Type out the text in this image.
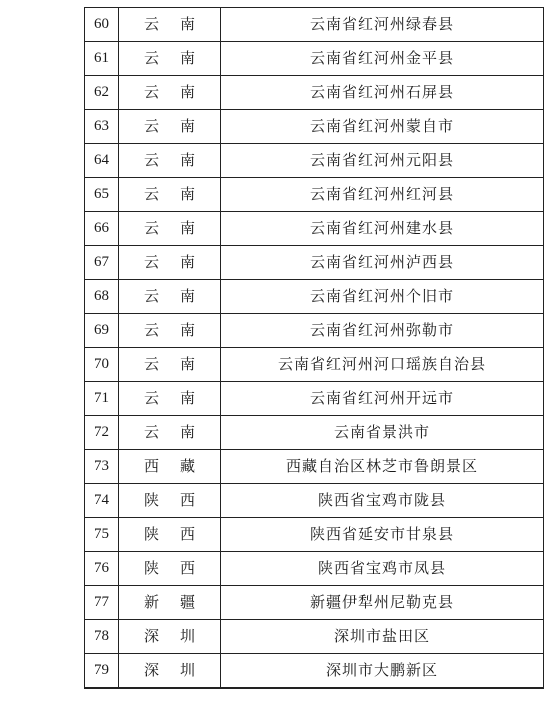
60	云南	云南省红河州绿春县
61	云南	云南省红河州金平县
62	云南	云南省红河州石屏县
63	云南	云南省红河州蒙自市
64	云南	云南省红河州元阳县
65	云南	云南省红河州红河县
66	云南	云南省红河州建水县
67	云南	云南省红河州泸西县
68	云南	云南省红河州个旧市
69	云南	云南省红河州弥勒市
70	云南	云南省红河州河口瑶族自治县
71	云南	云南省红河州开远市
72	云南	云南省景洪市
73	西藏	西藏自治区林芝市鲁朗景区
74	陕西	陕西省宝鸡市陇县
75	陕西	陕西省延安市甘泉县
76	陕西	陕西省宝鸡市凤县
77	新疆	新疆伊犁州尼勒克县
78	深圳	深圳市盐田区
79	深圳	深圳市大鹏新区
